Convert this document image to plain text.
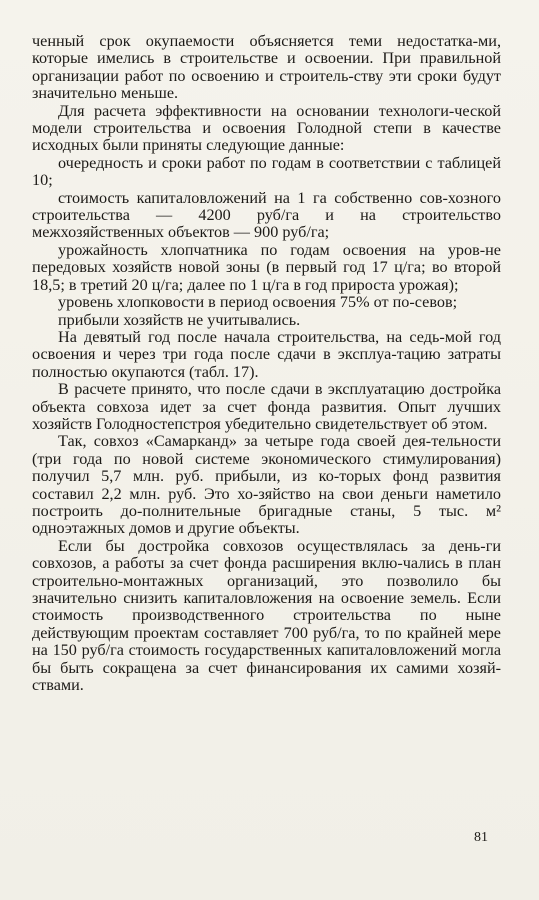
ченный срок окупаемости объясняется теми недостатка-ми, которые имелись в строительстве и освоении. При правильной организации работ по освоению и строитель-ству эти сроки будут значительно меньше.

Для расчета эффективности на основании технологи-ческой модели строительства и освоения Голодной степи в качестве исходных были приняты следующие данные:

очередность и сроки работ по годам в соответствии с таблицей 10;

стоимость капиталовложений на 1 га собственно сов-хозного строительства — 4200 руб/га и на строительство межхозяйственных объектов — 900 руб/га;

урожайность хлопчатника по годам освоения на уров-не передовых хозяйств новой зоны (в первый год 17 ц/га; во второй 18,5; в третий 20 ц/га; далее по 1 ц/га в год прироста урожая);

уровень хлопковости в период освоения 75% от по-севов;

прибыли хозяйств не учитывались.

На девятый год после начала строительства, на седь-мой год освоения и через три года после сдачи в эксплуа-тацию затраты полностью окупаются (табл. 17).

В расчете принято, что после сдачи в эксплуатацию достройка объекта совхоза идет за счет фонда развития. Опыт лучших хозяйств Голодностепстроя убедительно свидетельствует об этом.

Так, совхоз «Самарканд» за четыре года своей дея-тельности (три года по новой системе экономического стимулирования) получил 5,7 млн. руб. прибыли, из ко-торых фонд развития составил 2,2 млн. руб. Это хо-зяйство на свои деньги наметило построить до-полнительные бригадные станы, 5 тыс. м² одноэтажных домов и другие объекты.

Если бы достройка совхозов осуществлялась за день-ги совхозов, а работы за счет фонда расширения вклю-чались в план строительно-монтажных организаций, это позволило бы значительно снизить капиталовложения на освоение земель. Если стоимость производственного строительства по ныне действующим проектам составляет 700 руб/га, то по крайней мере на 150 руб/га стоимость государственных капиталовложений могла бы быть сокращена за счет финансирования их самими хозяй-ствами.

81
